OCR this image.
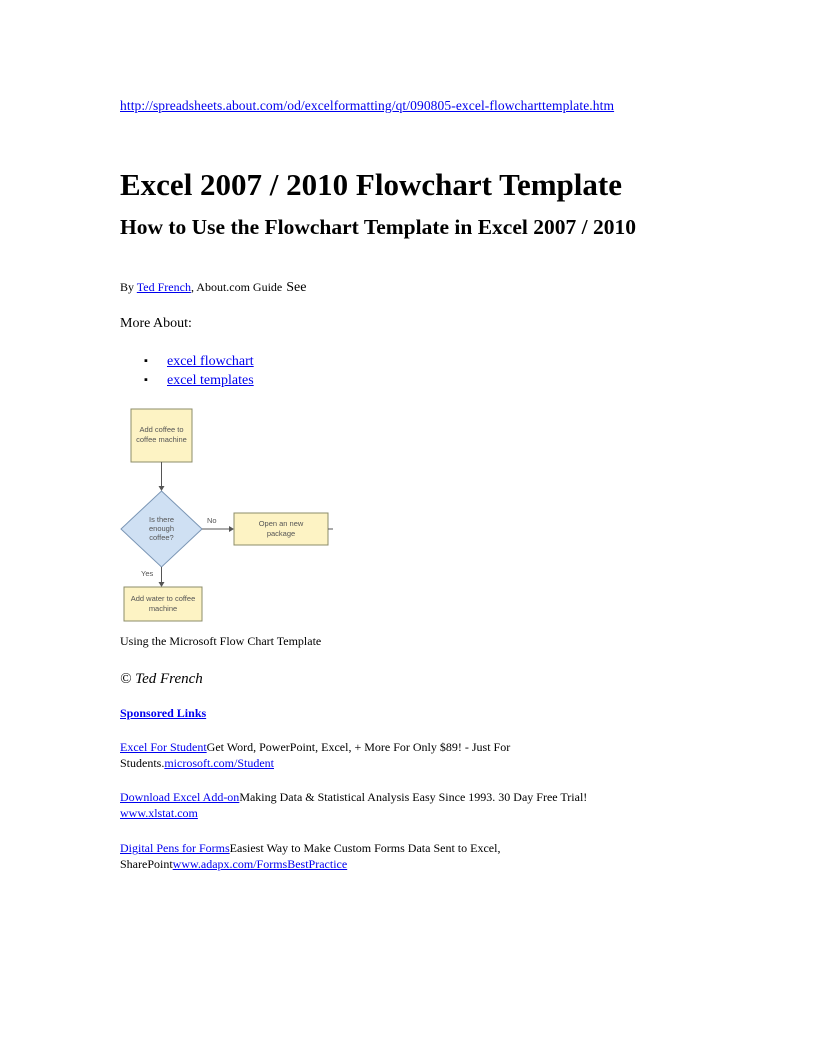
http://spreadsheets.about.com/od/excelformatting/qt/090805-excel-flowcharttemplate.htm
Excel 2007 / 2010 Flowchart Template
How to Use the Flowchart Template in Excel 2007 / 2010
By Ted French, About.com Guide See
More About:
▪ excel flowchart
▪ excel templates
Add coffee to
coffee machine
Is there
enough
coffee?
No	Open an new
package
Yes
Add water to coffee
machine
Using the Microsoft Flow Chart Template
© Ted French
Sponsored Links
Excel For StudentGet Word, PowerPoint, Excel, + More For Only $89! - Just For Students.microsoft.com/Student
Download Excel Add-onMaking Data & Statistical Analysis Easy Since 1993. 30 Day Free Trial! www.xlstat.com
Digital Pens for FormsEasiest Way to Make Custom Forms Data Sent to Excel, SharePointwww.adapx.com/FormsBestPractice
